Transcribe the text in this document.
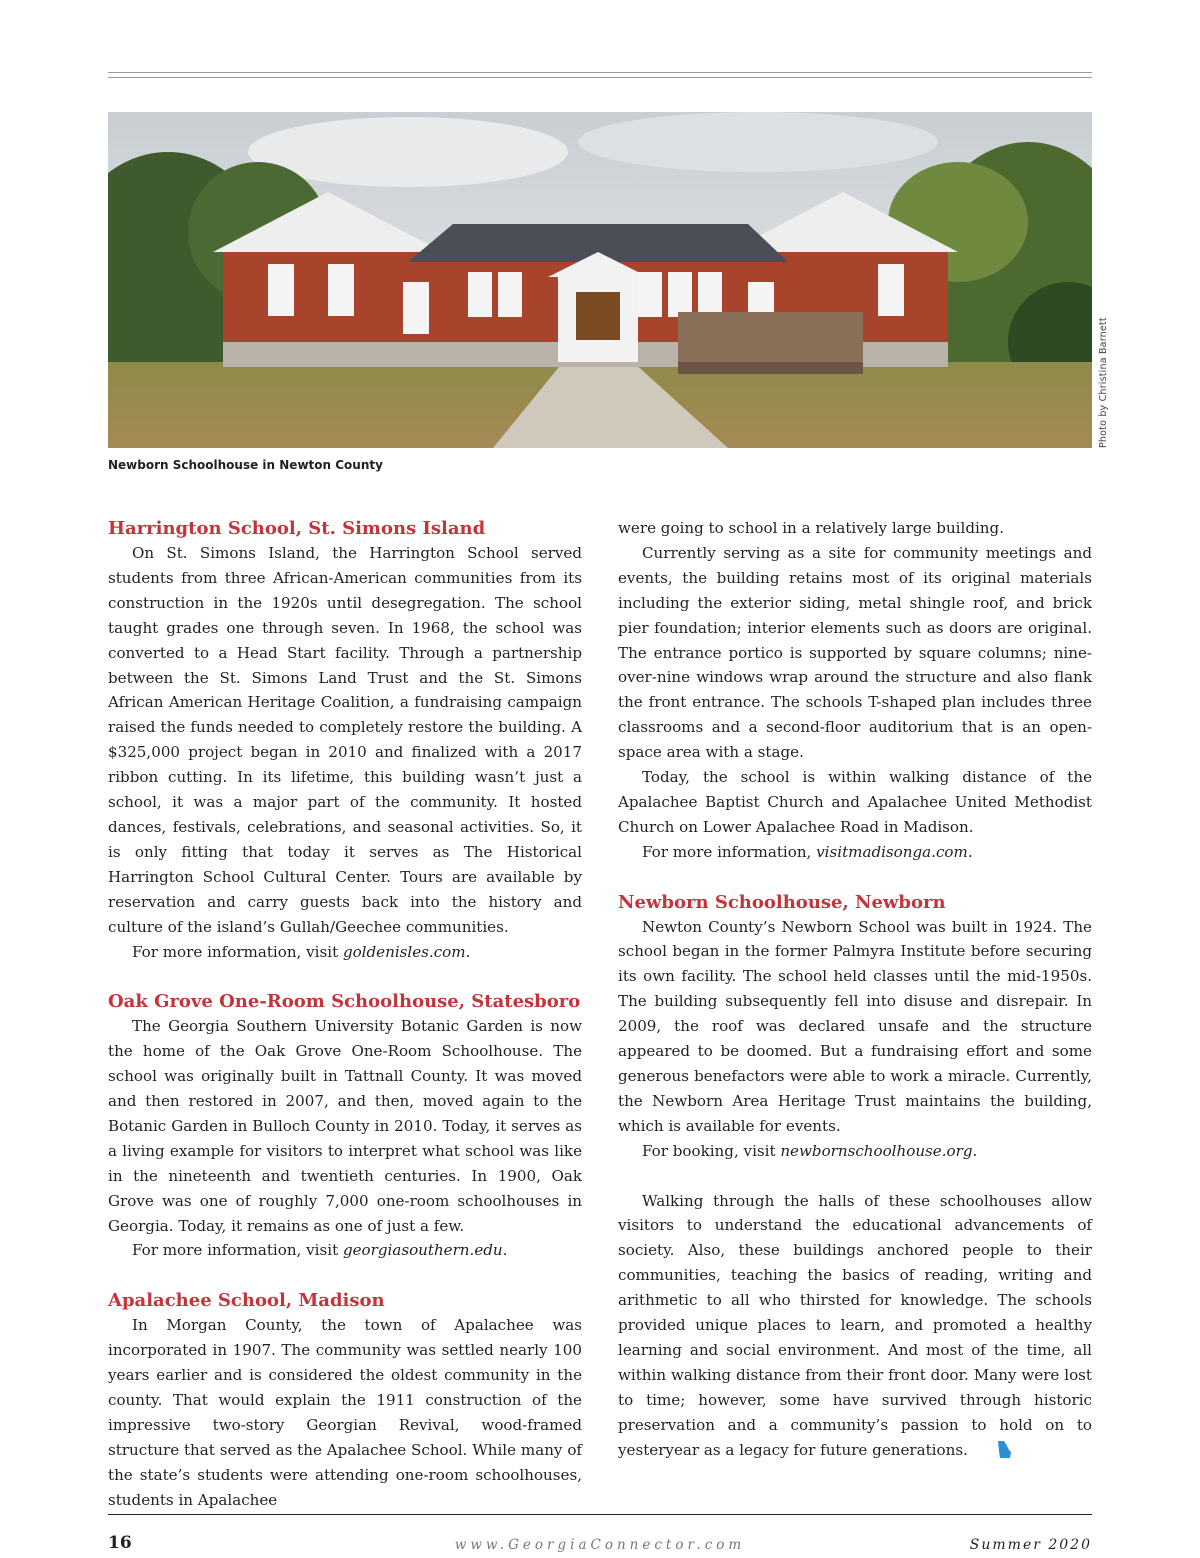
Photo by Christina Barnett
Newborn Schoolhouse in Newton County
Harrington School, St. Simons Island

On St. Simons Island, the Harrington School served students from three African-American communities from its construction in the 1920s until desegregation. The school taught grades one through seven. In 1968, the school was converted to a Head Start facility. Through a partnership between the St. Simons Land Trust and the St. Simons African American Heritage Coalition, a fundraising campaign raised the funds needed to completely restore the building. A $325,000 project began in 2010 and finalized with a 2017 ribbon cutting. In its lifetime, this building wasn’t just a school, it was a major part of the community. It hosted dances, festivals, celebrations, and seasonal activities. So, it is only fitting that today it serves as The Historical Harrington School Cultural Center. Tours are available by reservation and carry guests back into the history and culture of the island’s Gullah/Geechee communities.

For more information, visit goldenisles.com.

Oak Grove One-Room Schoolhouse, Statesboro

The Georgia Southern University Botanic Garden is now the home of the Oak Grove One-Room Schoolhouse. The school was originally built in Tattnall County. It was moved and then restored in 2007, and then, moved again to the Botanic Garden in Bulloch County in 2010. Today, it serves as a living example for visitors to interpret what school was like in the nineteenth and twentieth centuries. In 1900, Oak Grove was one of roughly 7,000 one-room schoolhouses in Georgia. Today, it remains as one of just a few.

For more information, visit georgiasouthern.edu.

Apalachee School, Madison

In Morgan County, the town of Apalachee was incorporated in 1907. The community was settled nearly 100 years earlier and is considered the oldest community in the county. That would explain the 1911 construction of the impressive two-story Georgian Revival, wood-framed structure that served as the Apalachee School. While many of the state’s students were attending one-room schoolhouses, students in Apalachee

were going to school in a relatively large building.

Currently serving as a site for community meetings and events, the building retains most of its original materials including the exterior siding, metal shingle roof, and brick pier foundation; interior elements such as doors are original. The entrance portico is supported by square columns; nine-over-nine windows wrap around the structure and also flank the front entrance. The schools T-shaped plan includes three classrooms and a second-floor auditorium that is an open-space area with a stage.

Today, the school is within walking distance of the Apalachee Baptist Church and Apalachee United Methodist Church on Lower Apalachee Road in Madison.

For more information, visitmadisonga.com.

Newborn Schoolhouse, Newborn

Newton County’s Newborn School was built in 1924. The school began in the former Palmyra Institute before securing its own facility. The school held classes until the mid-1950s. The building subsequently fell into disuse and disrepair. In 2009, the roof was declared unsafe and the structure appeared to be doomed. But a fundraising effort and some generous benefactors were able to work a miracle. Currently, the Newborn Area Heritage Trust maintains the building, which is available for events.

For booking, visit newbornschoolhouse.org.

Walking through the halls of these schoolhouses allow visitors to understand the educational advancements of society. Also, these buildings anchored people to their communities, teaching the basics of reading, writing and arithmetic to all who thirsted for knowledge. The schools provided unique places to learn, and promoted a healthy learning and social environment. And most of the time, all within walking distance from their front door. Many were lost to time; however, some have survived through historic preservation and a community’s passion to hold on to yesteryear as a legacy for future generations.

16	www.GeorgiaConnector.com	Summer 2020
